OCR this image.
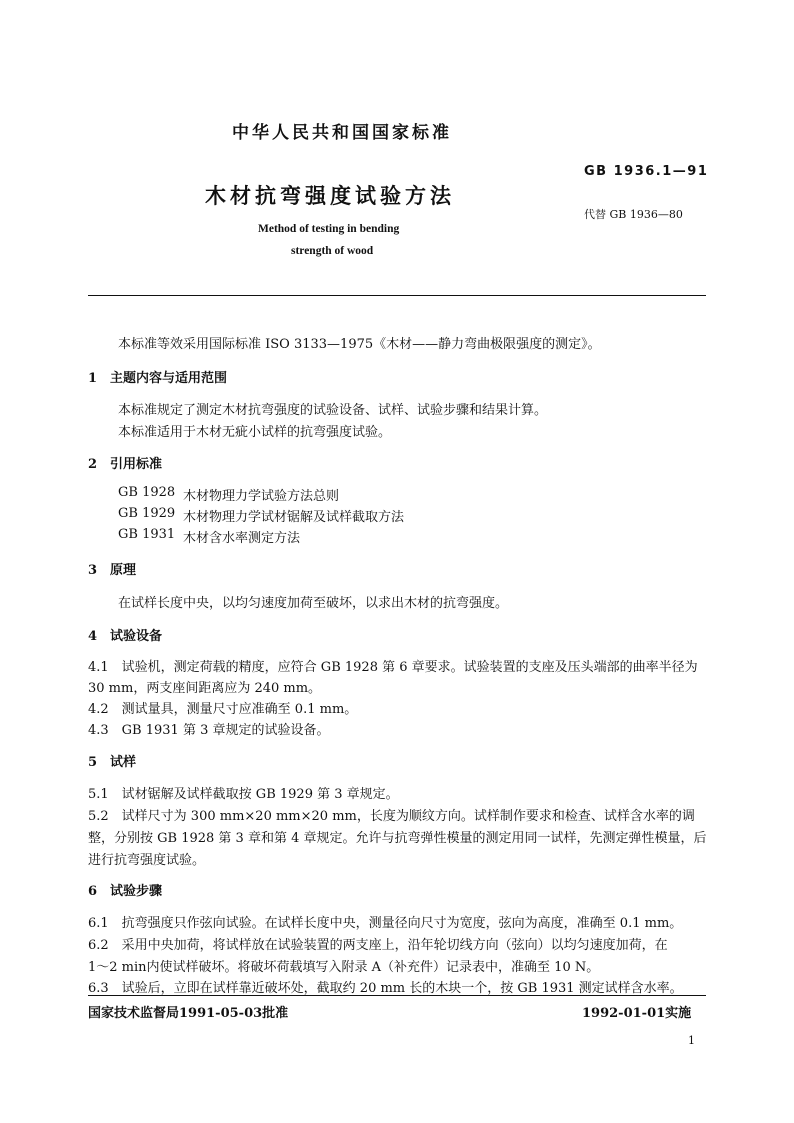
中华人民共和国国家标准
GB 1936.1—91
木材抗弯强度试验方法
代替 GB 1936—80
Method of testing in bending
strength of wood
本标准等效采用国际标准 ISO 3133—1975《木材——静力弯曲极限强度的测定》。
1　主题内容与适用范围
本标准规定了测定木材抗弯强度的试验设备、试样、试验步骤和结果计算。
本标准适用于木材无疵小试样的抗弯强度试验。
2　引用标准
GB 1928 木材物理力学试验方法总则
GB 1929 木材物理力学试材锯解及试样截取方法
GB 1931 木材含水率测定方法
3　原理
在试样长度中央，以均匀速度加荷至破坏，以求出木材的抗弯强度。
4　试验设备
4.1　试验机，测定荷载的精度，应符合 GB 1928 第 6 章要求。试验装置的支座及压头端部的曲率半径为
30 mm，两支座间距离应为 240 mm。
4.2　测试量具，测量尺寸应准确至 0.1 mm。
4.3　GB 1931 第 3 章规定的试验设备。
5　试样
5.1　试材锯解及试样截取按 GB 1929 第 3 章规定。
5.2　试样尺寸为 300 mm×20 mm×20 mm，长度为顺纹方向。试样制作要求和检查、试样含水率的调
整，分别按 GB 1928 第 3 章和第 4 章规定。允许与抗弯弹性模量的测定用同一试样，先测定弹性模量，后
进行抗弯强度试验。
6　试验步骤
6.1　抗弯强度只作弦向试验。在试样长度中央，测量径向尺寸为宽度，弦向为高度，准确至 0.1 mm。
6.2　采用中央加荷，将试样放在试验装置的两支座上，沿年轮切线方向（弦向）以均匀速度加荷，在
1～2 min内使试样破坏。将破坏荷载填写入附录 A（补充件）记录表中，准确至 10 N。
6.3　试验后，立即在试样靠近破坏处，截取约 20 mm 长的木块一个，按 GB 1931 测定试样含水率。
国家技术监督局1991-05-03批准	1992-01-01实施
1
